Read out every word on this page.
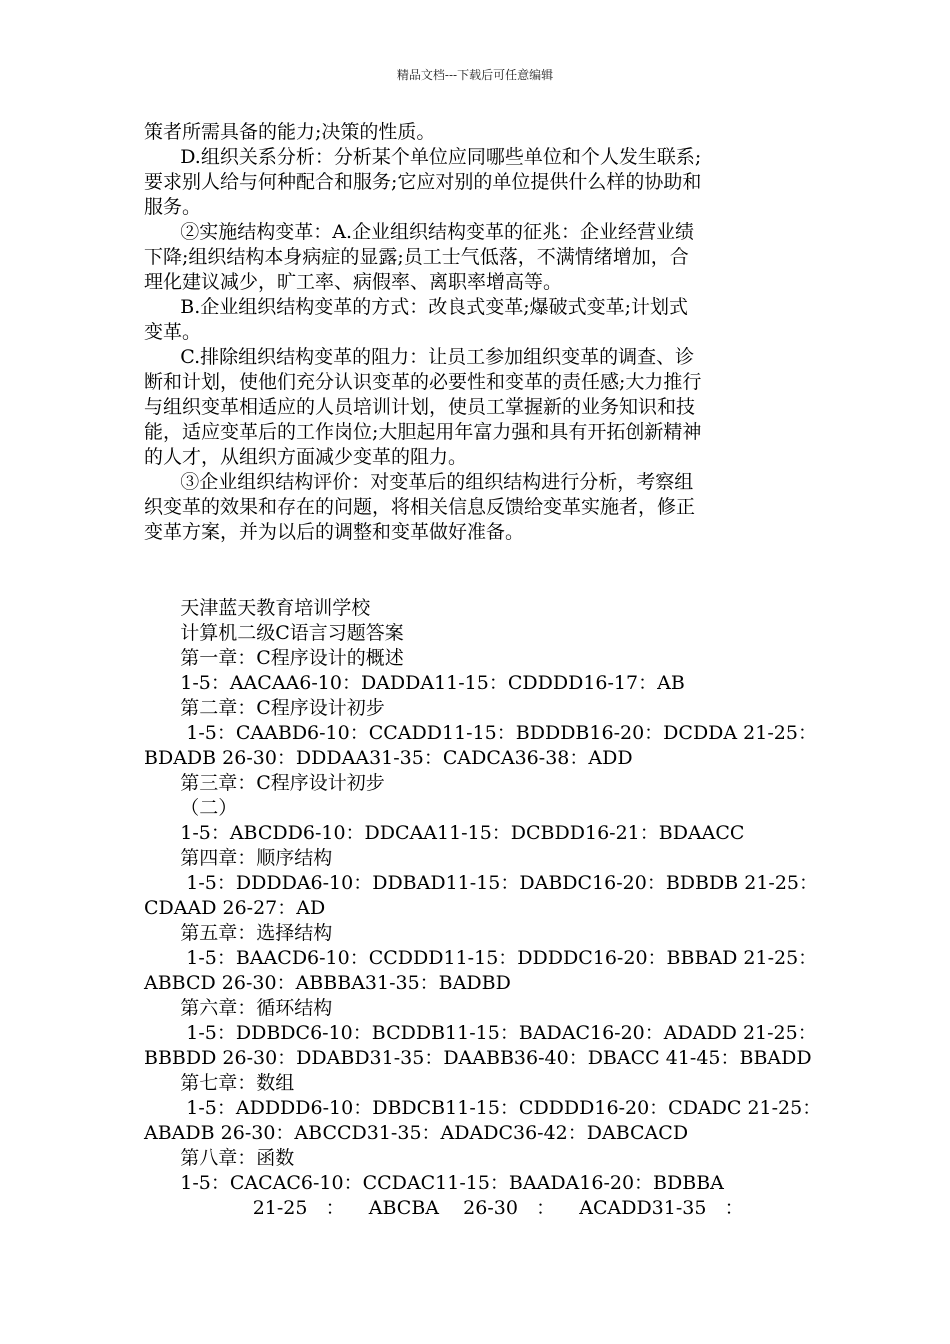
精品文档---下载后可任意编辑
策者所需具备的能力;决策的性质。
D.组织关系分析：分析某个单位应同哪些单位和个人发生联系;
要求别人给与何种配合和服务;它应对别的单位提供什么样的协助和
服务。
②实施结构变革：A.企业组织结构变革的征兆：企业经营业绩
下降;组织结构本身病症的显露;员工士气低落，不满情绪增加，合
理化建议减少，旷工率、病假率、离职率增高等。
B.企业组织结构变革的方式：改良式变革;爆破式变革;计划式
变革。
C.排除组织结构变革的阻力：让员工参加组织变革的调查、诊
断和计划，使他们充分认识变革的必要性和变革的责任感;大力推行
与组织变革相适应的人员培训计划，使员工掌握新的业务知识和技
能，适应变革后的工作岗位;大胆起用年富力强和具有开拓创新精神
的人才，从组织方面减少变革的阻力。
③企业组织结构评价：对变革后的组织结构进行分析，考察组
织变革的效果和存在的问题，将相关信息反馈给变革实施者，修正
变革方案，并为以后的调整和变革做好准备。
天津蓝天教育培训学校
计算机二级C语言习题答案
第一章：C程序设计的概述
1-5：AACAA6-10：DADDA11-15：CDDDD16-17：AB
第二章：C程序设计初步
1-5：CAABD6-10：CCADD11-15：BDDDB16-20：DCDDA 21-25：
BDADB 26-30：DDDAA31-35：CADCA36-38：ADD
第三章：C程序设计初步
（二）
1-5：ABCDD6-10：DDCAA11-15：DCBDD16-21：BDAACC
第四章：顺序结构
1-5：DDDDA6-10：DDBAD11-15：DABDC16-20：BDBDB 21-25：
CDAAD 26-27：AD
第五章：选择结构
1-5：BAACD6-10：CCDDD11-15：DDDDC16-20：BBBAD 21-25：
ABBCD 26-30：ABBBA31-35：BADBD
第六章：循环结构
1-5：DDBDC6-10：BCDDB11-15：BADAC16-20：ADADD 21-25：
BBBDD 26-30：DDABD31-35：DAABB36-40：DBACC 41-45：BBADD
第七章：数组
1-5：ADDDD6-10：DBDCB11-15：CDDDD16-20：CDADC 21-25：
ABADB 26-30：ABCCD31-35：ADADC36-42：DABCACD
第八章：函数
1-5：CACAC6-10：CCDAC11-15：BAADA16-20：BDBBA
21-25   ：    ABCBA    26-30   ：    ACADD31-35   ：
